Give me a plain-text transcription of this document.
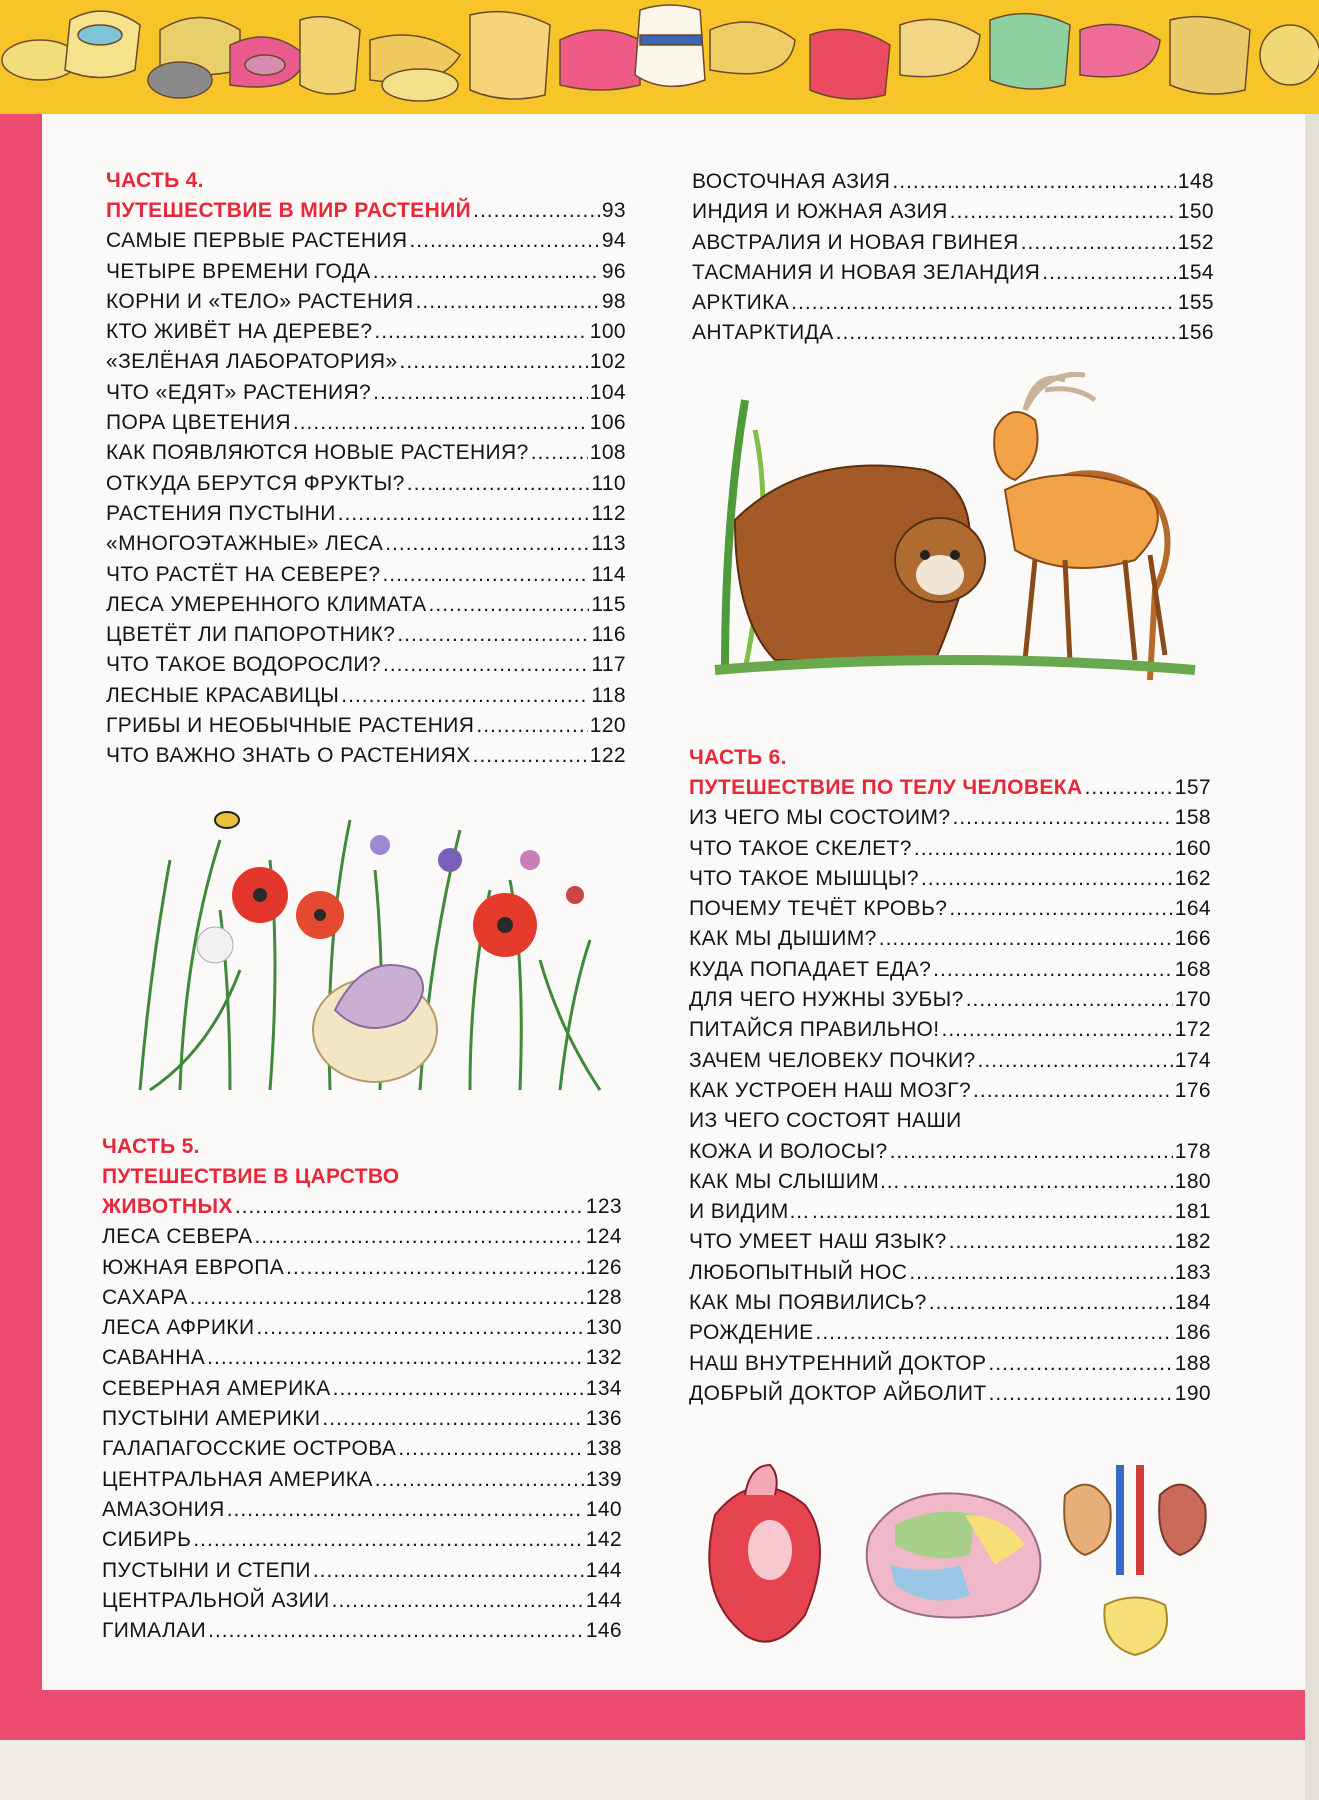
ЧАСТЬ 4.
ПУТЕШЕСТВИЕ В МИР РАСТЕНИЙ .....	93
САМЫЕ ПЕРВЫЕ РАСТЕНИЯ .....	94
ЧЕТЫРЕ ВРЕМЕНИ ГОДА .....	96
КОРНИ И «ТЕЛО» РАСТЕНИЯ .....	98
КТО ЖИВЁТ НА ДЕРЕВЕ? .....	100
«ЗЕЛЁНАЯ ЛАБОРАТОРИЯ» .....	102
ЧТО «ЕДЯТ» РАСТЕНИЯ? .....	104
ПОРА ЦВЕТЕНИЯ .....	106
КАК ПОЯВЛЯЮТСЯ НОВЫЕ РАСТЕНИЯ? .....	108
ОТКУДА БЕРУТСЯ ФРУКТЫ? .....	110
РАСТЕНИЯ ПУСТЫНИ .....	112
«МНОГОЭТАЖНЫЕ» ЛЕСА .....	113
ЧТО РАСТЁТ НА СЕВЕРЕ? .....	114
ЛЕСА УМЕРЕННОГО КЛИМАТА .....	115
ЦВЕТЁТ ЛИ ПАПОРОТНИК? .....	116
ЧТО ТАКОЕ ВОДОРОСЛИ? .....	117
ЛЕСНЫЕ КРАСАВИЦЫ .....	118
ГРИБЫ И НЕОБЫЧНЫЕ РАСТЕНИЯ .....	120
ЧТО ВАЖНО ЗНАТЬ О РАСТЕНИЯХ .....	122
ЧАСТЬ 5.
ПУТЕШЕСТВИЕ В ЦАРСТВО
ЖИВОТНЫХ .....	123
ЛЕСА СЕВЕРА .....	124
ЮЖНАЯ ЕВРОПА .....	126
САХАРА .....	128
ЛЕСА АФРИКИ .....	130
САВАННА .....	132
СЕВЕРНАЯ АМЕРИКА .....	134
ПУСТЫНИ АМЕРИКИ .....	136
ГАЛАПАГОССКИЕ ОСТРОВА .....	138
ЦЕНТРАЛЬНАЯ АМЕРИКА .....	139
АМАЗОНИЯ .....	140
СИБИРЬ .....	142
ПУСТЫНИ И СТЕПИ .....	144
ЦЕНТРАЛЬНОЙ АЗИИ .....	144
ГИМАЛАИ .....	146
ВОСТОЧНАЯ АЗИЯ .....	148
ИНДИЯ И ЮЖНАЯ АЗИЯ .....	150
АВСТРАЛИЯ И НОВАЯ ГВИНЕЯ .....	152
ТАСМАНИЯ И НОВАЯ ЗЕЛАНДИЯ .....	154
АРКТИКА .....	155
АНТАРКТИДА .....	156
ЧАСТЬ 6.
ПУТЕШЕСТВИЕ ПО ТЕЛУ ЧЕЛОВЕКА .....	157
ИЗ ЧЕГО МЫ СОСТОИМ? .....	158
ЧТО ТАКОЕ СКЕЛЕТ? .....	160
ЧТО ТАКОЕ МЫШЦЫ? .....	162
ПОЧЕМУ ТЕЧЁТ КРОВЬ? .....	164
КАК МЫ ДЫШИМ? .....	166
КУДА ПОПАДАЕТ ЕДА? .....	168
ДЛЯ ЧЕГО НУЖНЫ ЗУБЫ? .....	170
ПИТАЙСЯ ПРАВИЛЬНО! .....	172
ЗАЧЕМ ЧЕЛОВЕКУ ПОЧКИ? .....	174
КАК УСТРОЕН НАШ МОЗГ? .....	176
ИЗ ЧЕГО СОСТОЯТ НАШИ
КОЖА И ВОЛОСЫ? .....	178
КАК МЫ СЛЫШИМ… .....	180
И ВИДИМ… .....	181
ЧТО УМЕЕТ НАШ ЯЗЫК? .....	182
ЛЮБОПЫТНЫЙ НОС .....	183
КАК МЫ ПОЯВИЛИСЬ? .....	184
РОЖДЕНИЕ .....	186
НАШ ВНУТРЕННИЙ ДОКТОР .....	188
ДОБРЫЙ ДОКТОР АЙБОЛИТ .....	190
